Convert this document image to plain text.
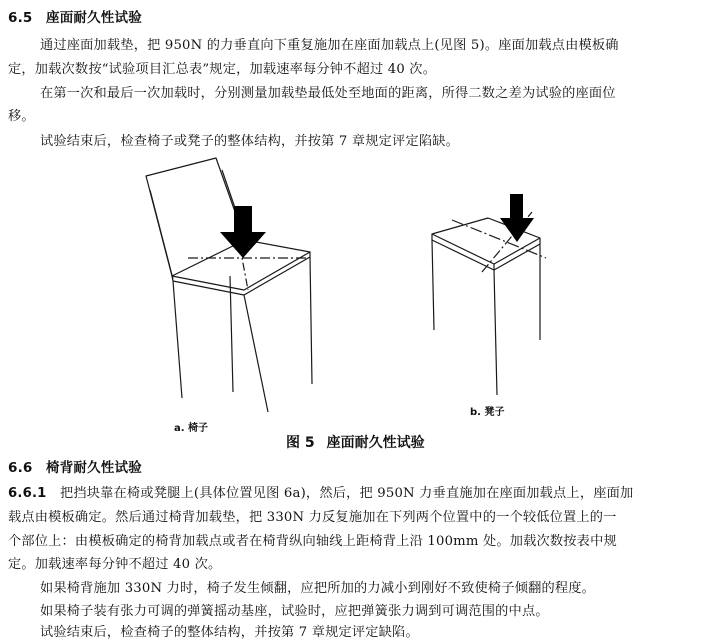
6.5 座面耐久性试验
通过座面加载垫，把 950N 的力垂直向下重复施加在座面加载点上(见图 5)。座面加载点由模板确
定，加载次数按“试验项目汇总表”规定，加载速率每分钟不超过 40 次。
在第一次和最后一次加载时，分别测量加载垫最低处至地面的距离，所得二数之差为试验的座面位
移。
试验结束后，检查椅子或凳子的整体结构，并按第 7 章规定评定陷缺。
a. 椅子
b. 凳子
图 5 座面耐久性试验
6.6 椅背耐久性试验
6.6.1 把挡块靠在椅或凳腿上(具体位置见图 6a)，然后，把 950N 力垂直施加在座面加载点上，座面加
载点由模板确定。然后通过椅背加载垫，把 330N 力反复施加在下列两个位置中的一个较低位置上的一
个部位上：由模板确定的椅背加载点或者在椅背纵向轴线上距椅背上沿 100mm 处。加载次数按表中规
定。加载速率每分钟不超过 40 次。
如果椅背施加 330N 力时，椅子发生倾翻，应把所加的力减小到刚好不致使椅子倾翻的程度。
如果椅子装有张力可调的弹簧摇动基座，试验时，应把弹簧张力调到可调范围的中点。
试验结束后，检查椅子的整体结构，并按第 7 章规定评定缺陷。
